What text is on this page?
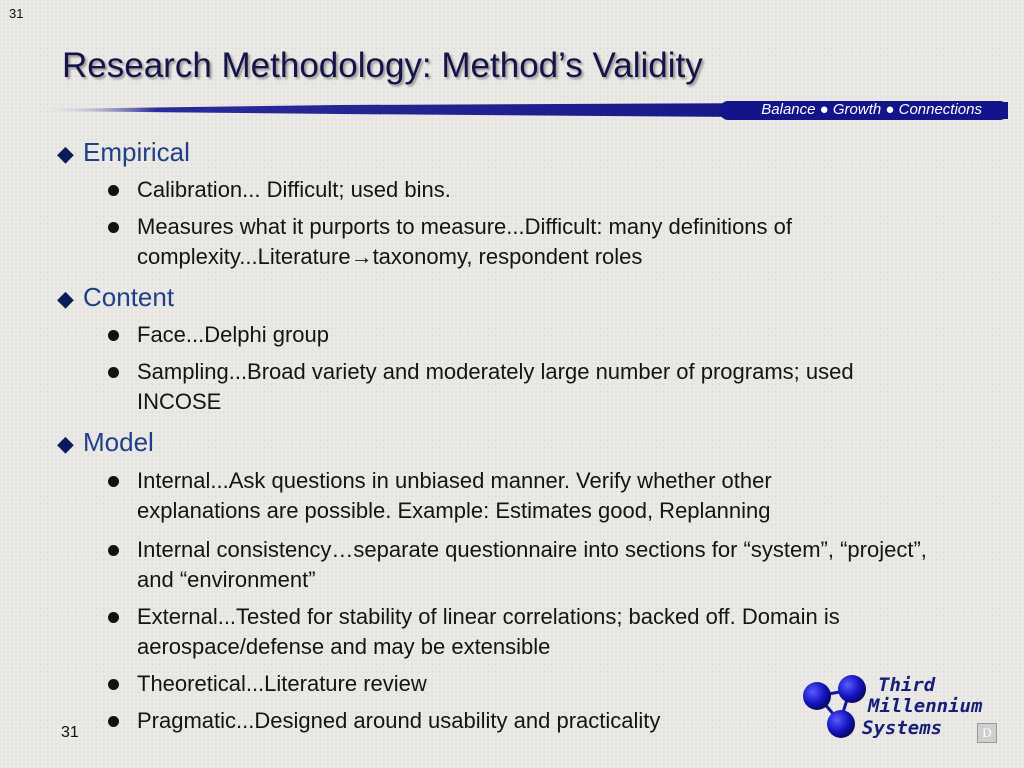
31
Research Methodology: Method’s Validity
Balance ● Growth ● Connections
◆ Empirical
Calibration... Difficult; used bins.
Measures what it purports to measure...Difficult: many definitions of complexity...Literature→taxonomy, respondent roles
◆ Content
Face...Delphi group
Sampling...Broad variety and moderately large number of programs; used INCOSE
◆ Model
Internal...Ask questions in unbiased manner. Verify whether other explanations are possible. Example: Estimates good, Replanning
Internal consistency…separate questionnaire into sections for “system”, “project”, and “environment”
External...Tested for stability of linear correlations; backed off. Domain is aerospace/defense and may be extensible
Theoretical...Literature review
Pragmatic...Designed around usability and practicality
31
Third
Millennium
Systems	D
